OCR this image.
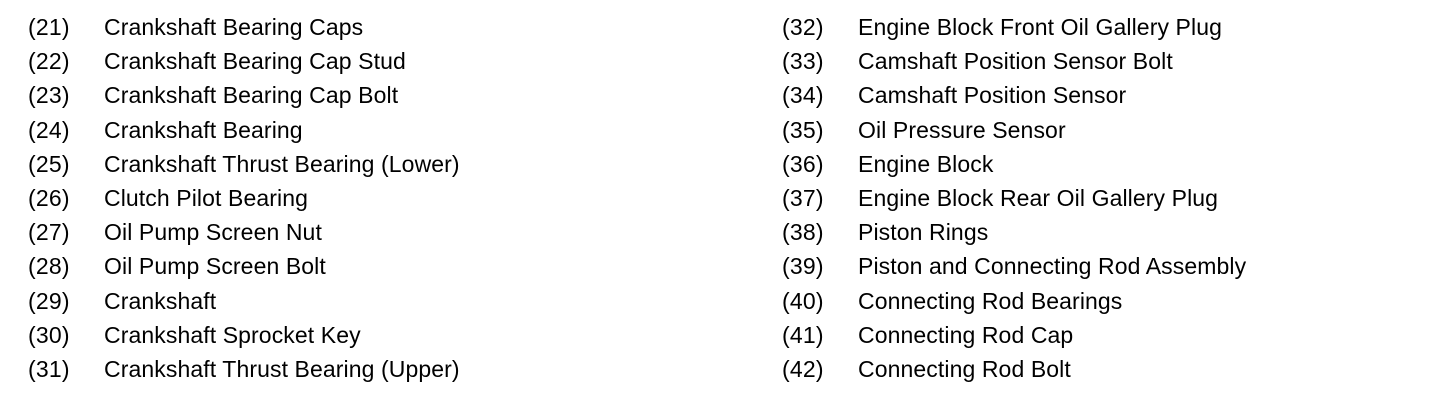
(21)	Crankshaft Bearing Caps
(22)	Crankshaft Bearing Cap Stud
(23)	Crankshaft Bearing Cap Bolt
(24)	Crankshaft Bearing
(25)	Crankshaft Thrust Bearing (Lower)
(26)	Clutch Pilot Bearing
(27)	Oil Pump Screen Nut
(28)	Oil Pump Screen Bolt
(29)	Crankshaft
(30)	Crankshaft Sprocket Key
(31)	Crankshaft Thrust Bearing (Upper)
(32)	Engine Block Front Oil Gallery Plug
(33)	Camshaft Position Sensor Bolt
(34)	Camshaft Position Sensor
(35)	Oil Pressure Sensor
(36)	Engine Block
(37)	Engine Block Rear Oil Gallery Plug
(38)	Piston Rings
(39)	Piston and Connecting Rod Assembly
(40)	Connecting Rod Bearings
(41)	Connecting Rod Cap
(42)	Connecting Rod Bolt
